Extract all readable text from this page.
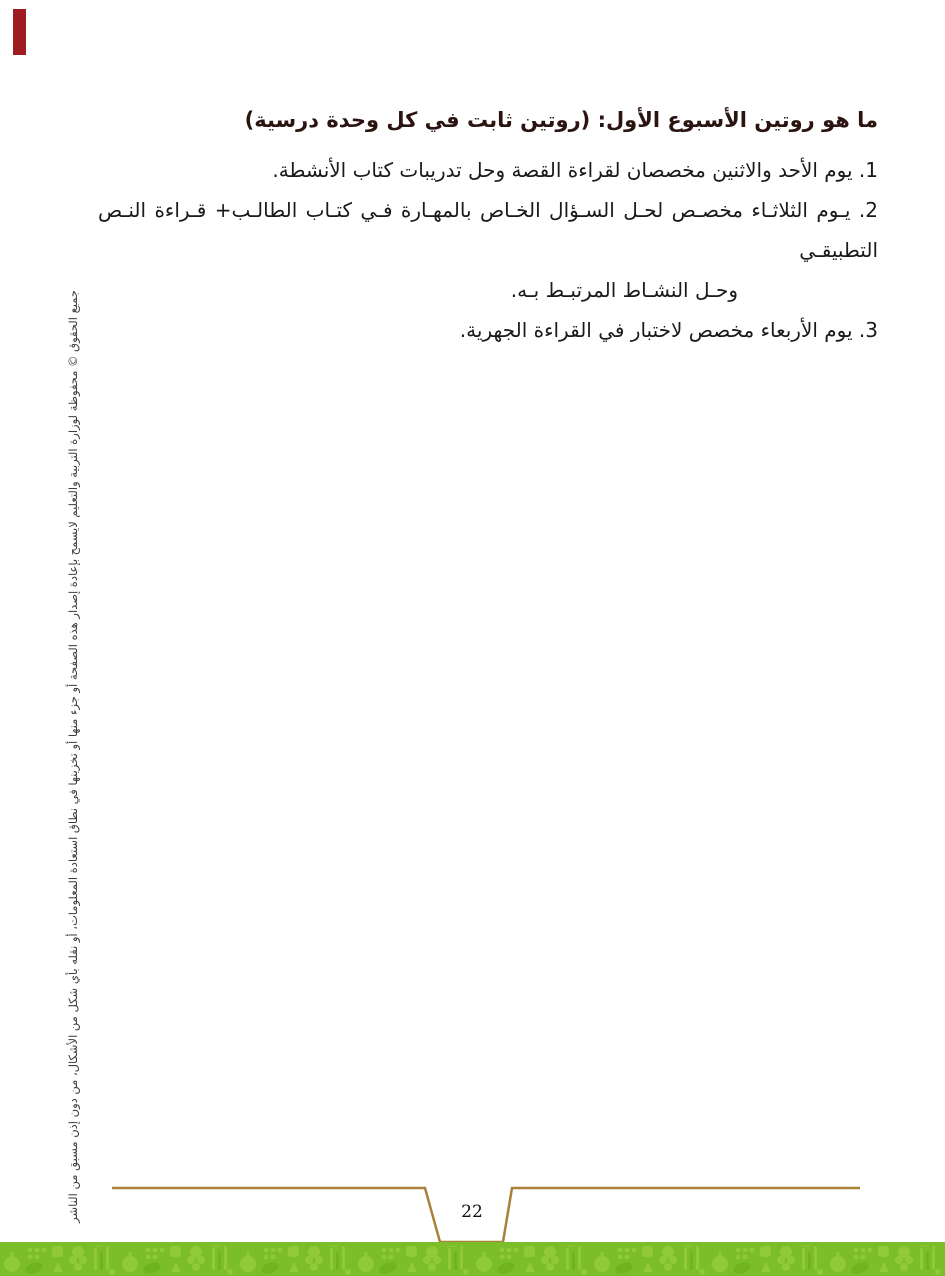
ما هو روتين الأسبوع الأول: (روتين ثابت في كل وحدة درسية)
1. يوم الأحد والاثنين مخصصان لقراءة القصة وحل تدريبات كتاب الأنشطة.
2. يـوم الثلاثـاء مخصـص لحـل السـؤال الخـاص بالمهـارة فـي كتـاب الطالـب+ قـراءة النـص التطبيقـي
وحـل النشـاط المرتبـط بـه.
3. يوم الأربعاء مخصص لاختبار في القراءة الجهرية.
جميع الحقوق © محفوظة لوزارة التربية والتعليم لايسمح بإعادة إصدار هذه الصفحة أو جزء منها أو تخزينها في نطاق استعادة المعلومات، أو نقله بأي شكل من الأشكال، من دون إذن مسبق من الناشر	22
